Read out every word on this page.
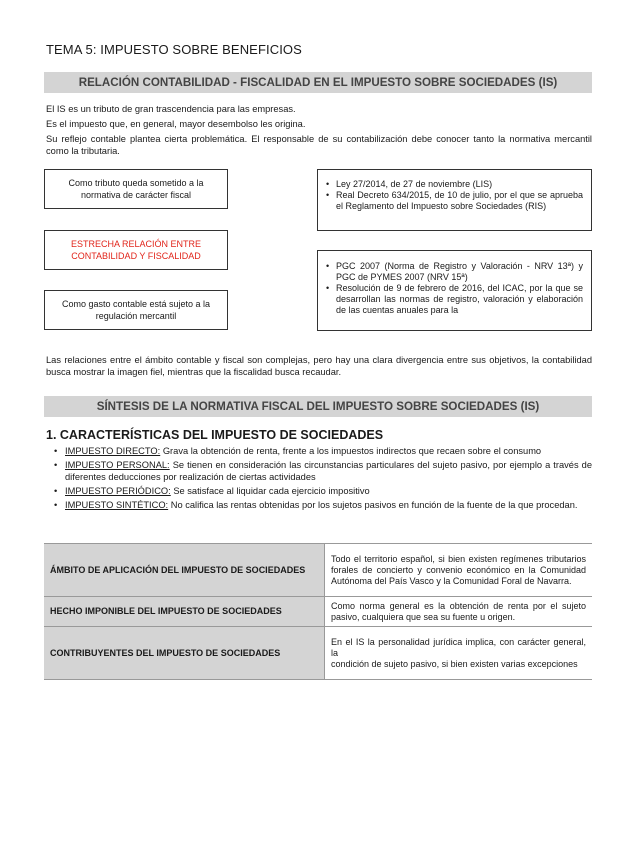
TEMA 5: IMPUESTO SOBRE BENEFICIOS
RELACIÓN CONTABILIDAD - FISCALIDAD EN EL IMPUESTO SOBRE SOCIEDADES (IS)
El IS es un tributo de gran trascendencia para las empresas.
Es el impuesto que, en general, mayor desembolso les origina.
Su reflejo contable plantea cierta problemática. El responsable de su contabilización debe conocer tanto la normativa mercantil como la tributaria.
Como tributo queda sometido a la normativa de carácter fiscal
ESTRECHA RELACIÓN ENTRE CONTABILIDAD Y FISCALIDAD
Como gasto contable está sujeto a la regulación mercantil
• Ley 27/2014, de 27 de noviembre (LIS)
• Real Decreto 634/2015, de 10 de julio, por el que se aprueba el Reglamento del Impuesto sobre Sociedades (RIS)
• PGC 2007 (Norma de Registro y Valoración - NRV 13ª) y PGC de PYMES 2007 (NRV 15ª)
• Resolución de 9 de febrero de 2016, del ICAC, por la que se desarrollan las normas de registro, valoración y elaboración de las cuentas anuales para la
Las relaciones entre el ámbito contable y fiscal son complejas, pero hay una clara divergencia entre sus objetivos, la contabilidad busca mostrar la imagen fiel, mientras que la fiscalidad busca recaudar.
SÍNTESIS DE LA NORMATIVA FISCAL DEL IMPUESTO SOBRE SOCIEDADES (IS)
1. CARACTERÍSTICAS DEL IMPUESTO DE SOCIEDADES
• IMPUESTO DIRECTO: Grava la obtención de renta, frente a los impuestos indirectos que recaen sobre el consumo
• IMPUESTO PERSONAL: Se tienen en consideración las circunstancias particulares del sujeto pasivo, por ejemplo a través de diferentes deducciones por realización de ciertas actividades
• IMPUESTO PERIÓDICO: Se satisface al liquidar cada ejercicio impositivo
• IMPUESTO SINTÉTICO: No califica las rentas obtenidas por los sujetos pasivos en función de la fuente de la que procedan.
ÁMBITO DE APLICACIÓN DEL IMPUESTO DE SOCIEDADES	Todo el territorio español, si bien existen regímenes tributarios forales de concierto y convenio económico en la Comunidad Autónoma del País Vasco y la Comunidad Foral de Navarra.
HECHO IMPONIBLE DEL IMPUESTO DE SOCIEDADES	Como norma general es la obtención de renta por el sujeto pasivo, cualquiera que sea su fuente u origen.
CONTRIBUYENTES DEL IMPUESTO DE SOCIEDADES	En el IS la personalidad jurídica implica, con carácter general, la
condición de sujeto pasivo, si bien existen varias excepciones
